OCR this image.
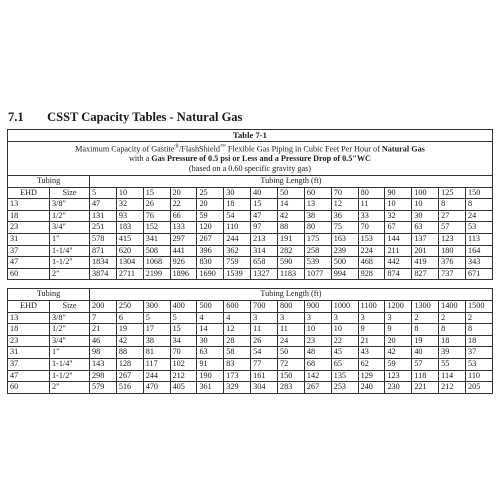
7.1 CSST Capacity Tables - Natural Gas
Table 7-1																
Maximum Capacity of Gastite®/FlashShield™ Flexible Gas Piping in Cubic Feet Per Hour of Natural Gas
with a Gas Pressure of 0.5 psi or Less and a Pressure Drop of 0.5"WC
(based on a 0.60 specific gravity gas)																
Tubing		Tubing Length (ft)														
EHD	Size	5	10	15	20	25	30	40	50	60	70	80	90	100	125	150
13	3/8"	47	32	26	22	20	18	15	14	13	12	11	10	10	8	8
18	1/2"	131	93	76	66	59	54	47	42	38	36	33	32	30	27	24
23	3/4"	251	183	152	133	120	110	97	88	80	75	70	67	63	57	53
31	1"	578	415	341	297	267	244	213	191	175	163	153	144	137	123	113
37	1-1/4"	871	620	508	441	396	362	314	282	258	239	224	211	201	180	164
47	1-1/2"	1834	1304	1068	926	830	759	658	590	539	500	468	442	419	376	343
60	2"	3874	2711	2199	1896	1690	1539	1327	1183	1077	994	928	874	827	737	671

Tubing		Tubing Length (ft)														
EHD	Size	200	250	300	400	500	600	700	800	900	1000	1100	1200	1300	1400	1500
13	3/8"	7	6	5	5	4	4	3	3	3	3	3	3	2	2	2
18	1/2"	21	19	17	15	14	12	11	11	10	10	9	9	8	8	8
23	3/4"	46	42	38	34	30	28	26	24	23	22	21	20	19	18	18
31	1"	98	88	81	70	63	58	54	50	48	45	43	42	40	39	37
37	1-1/4"	143	128	117	102	91	83	77	72	68	65	62	59	57	55	53
47	1-1/2"	298	267	244	212	190	173	161	150	142	135	129	123	118	114	110
60	2"	579	516	470	405	361	329	304	283	267	253	240	230	221	212	205
